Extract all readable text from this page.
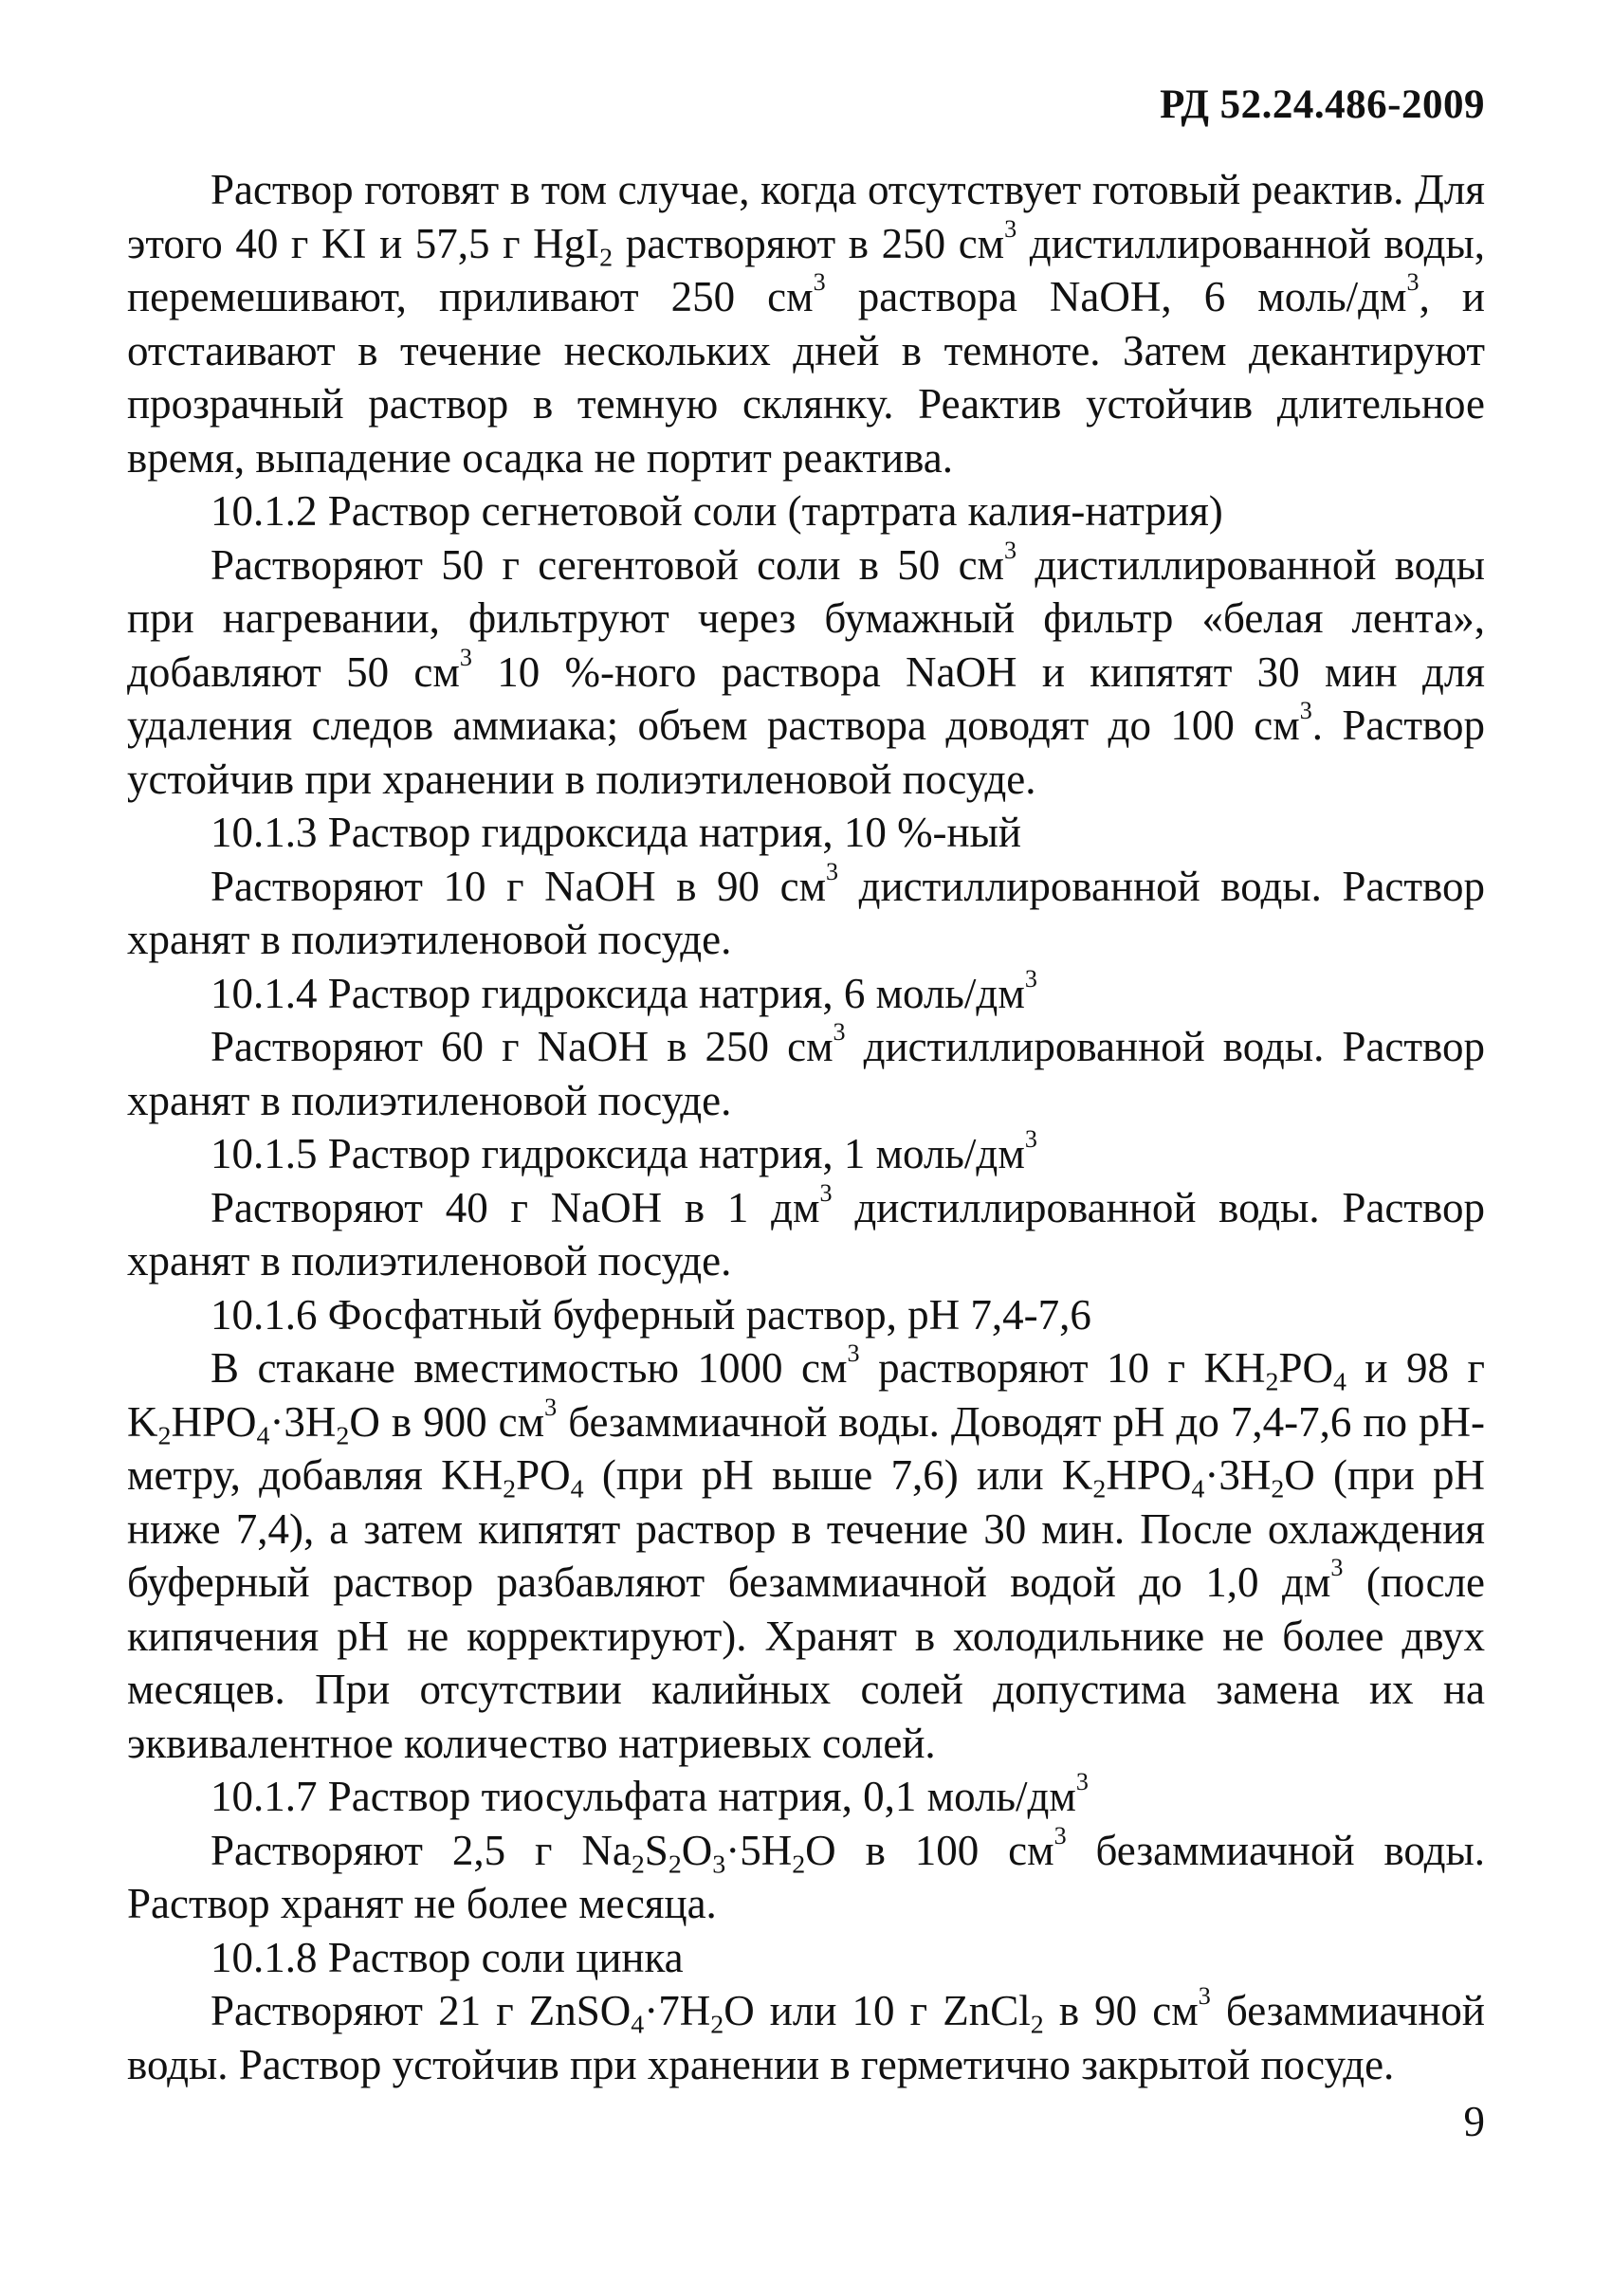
РД 52.24.486-2009

Раствор готовят в том случае, когда отсутствует готовый реактив. Для этого 40 г KI и 57,5 г HgI$_2$ растворяют в 250 $см^3$ дистиллированной воды, перемешивают, приливают 250 $см^3$ раствора NaOH, 6 моль/$дм^3$, и отстаивают в течение нескольких дней в темноте. Затем декантируют прозрачный раствор в темную склянку. Реактив устойчив длительное время, выпадение осадка не портит реактива.

10.1.2 Раствор сегнетовой соли (тартрата калия-натрия)

Растворяют 50 г сегентовой соли в 50 $см^3$ дистиллированной воды при нагревании, фильтруют через бумажный фильтр «белая лента», добавляют 50 $см^3$ 10 %-ного раствора NaOH и кипятят 30 мин для удаления следов аммиака; объем раствора доводят до 100 $см^3$. Раствор устойчив при хранении в полиэтиленовой посуде.

10.1.3 Раствор гидроксида натрия, 10 %-ный

Растворяют 10 г NaOH в 90 $см^3$ дистиллированной воды. Раствор хранят в полиэтиленовой посуде.

10.1.4 Раствор гидроксида натрия, 6 моль/$дм^3$

Растворяют 60 г NaOH в 250 $см^3$ дистиллированной воды. Раствор хранят в полиэтиленовой посуде.

10.1.5 Раствор гидроксида натрия, 1 моль/$дм^3$

Растворяют 40 г NaOH в 1 $дм^3$ дистиллированной воды. Раствор хранят в полиэтиленовой посуде.

10.1.6 Фосфатный буферный раствор, рН 7,4-7,6

В стакане вместимостью 1000 $см^3$ растворяют 10 г $KH_2PO_4$ и 98 г $K_2HPO_4\cdot 3H_2O$ в 900 $см^3$ безаммиачной воды. Доводят рН до 7,4-7,6 по рН-метру, добавляя $KH_2PO_4$ (при рН выше 7,6) или $K_2HPO_4\cdot 3H_2O$ (при рН ниже 7,4), а затем кипятят раствор в течение 30 мин. После охлаждения буферный раствор разбавляют безаммиачной водой до 1,0 $дм^3$ (после кипячения рН не корректируют). Хранят в холодильнике не более двух месяцев. При отсутствии калийных солей допустима замена их на эквивалентное количество натриевых солей.

10.1.7 Раствор тиосульфата натрия, 0,1 моль/$дм^3$

Растворяют 2,5 г $Na_2S_2O_3\cdot 5H_2O$ в 100 $см^3$ безаммиачной воды. Раствор хранят не более месяца.

10.1.8 Раствор соли цинка

Растворяют 21 г $ZnSO_4\cdot 7H_2O$ или 10 г ZnCl$_2$ в 90 $см^3$ безаммиачной воды. Раствор устойчив при хранении в герметично закрытой посуде.

9
